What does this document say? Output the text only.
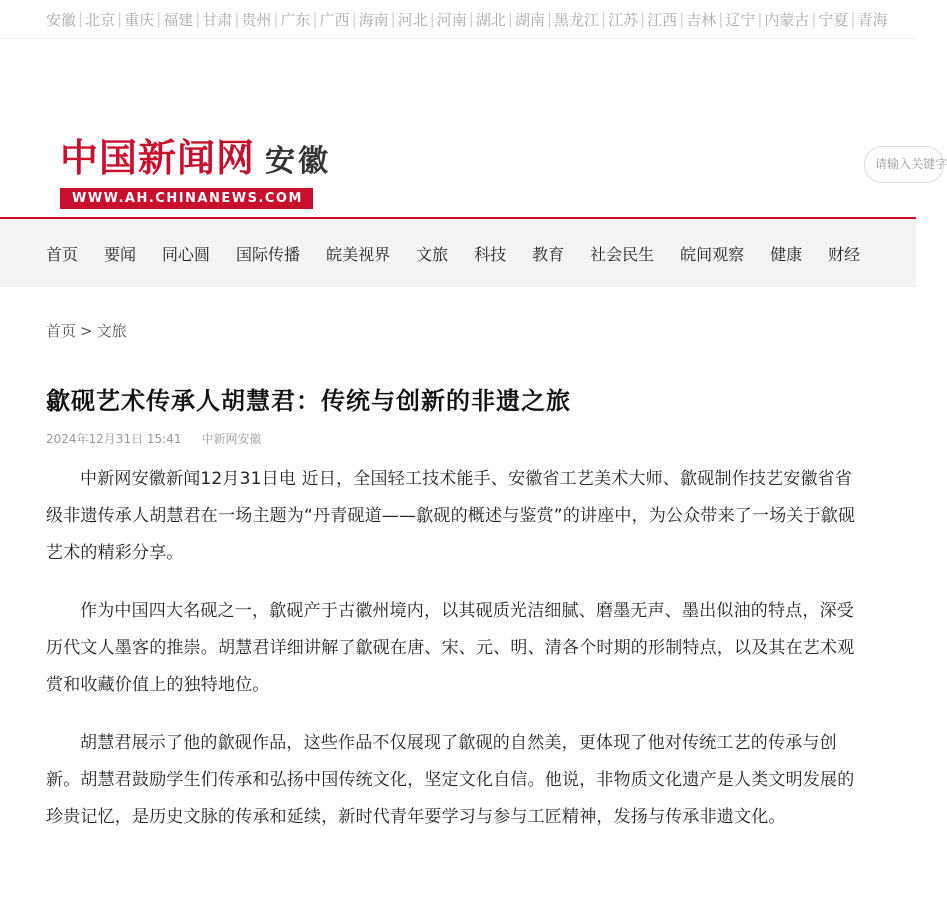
安徽 | 北京 | 重庆 | 福建 | 甘肃 | 贵州 | 广东 | 广西 | 海南 | 河北 | 河南 | 湖北 | 湖南 | 黑龙江 | 江苏 | 江西 | 吉林 | 辽宁 | 内蒙古 | 宁夏 | 青海
中国新闻网 安徽
WWW.AH.CHINANEWS.COM
请输入关键字
首页 要闻 同心圆 国际传播 皖美视界 文旅 科技 教育 社会民生 皖间观察 健康 财经
首页 > 文旅
歙砚艺术传承人胡慧君：传统与创新的非遗之旅
2024年12月31日 15:41 中新网安徽

中新网安徽新闻12月31日电 近日，全国轻工技术能手、安徽省工艺美术大师、歙砚制作技艺安徽省省级非遗传承人胡慧君在一场主题为“丹青砚道——歙砚的概述与鉴赏”的讲座中，为公众带来了一场关于歙砚艺术的精彩分享。

作为中国四大名砚之一，歙砚产于古徽州境内，以其砚质光洁细腻、磨墨无声、墨出似油的特点，深受历代文人墨客的推崇。胡慧君详细讲解了歙砚在唐、宋、元、明、清各个时期的形制特点，以及其在艺术观赏和收藏价值上的独特地位。

胡慧君展示了他的歙砚作品，这些作品不仅展现了歙砚的自然美，更体现了他对传统工艺的传承与创新。胡慧君鼓励学生们传承和弘扬中国传统文化，坚定文化自信。他说，非物质文化遗产是人类文明发展的珍贵记忆，是历史文脉的传承和延续，新时代青年要学习与参与工匠精神，发扬与传承非遗文化。
